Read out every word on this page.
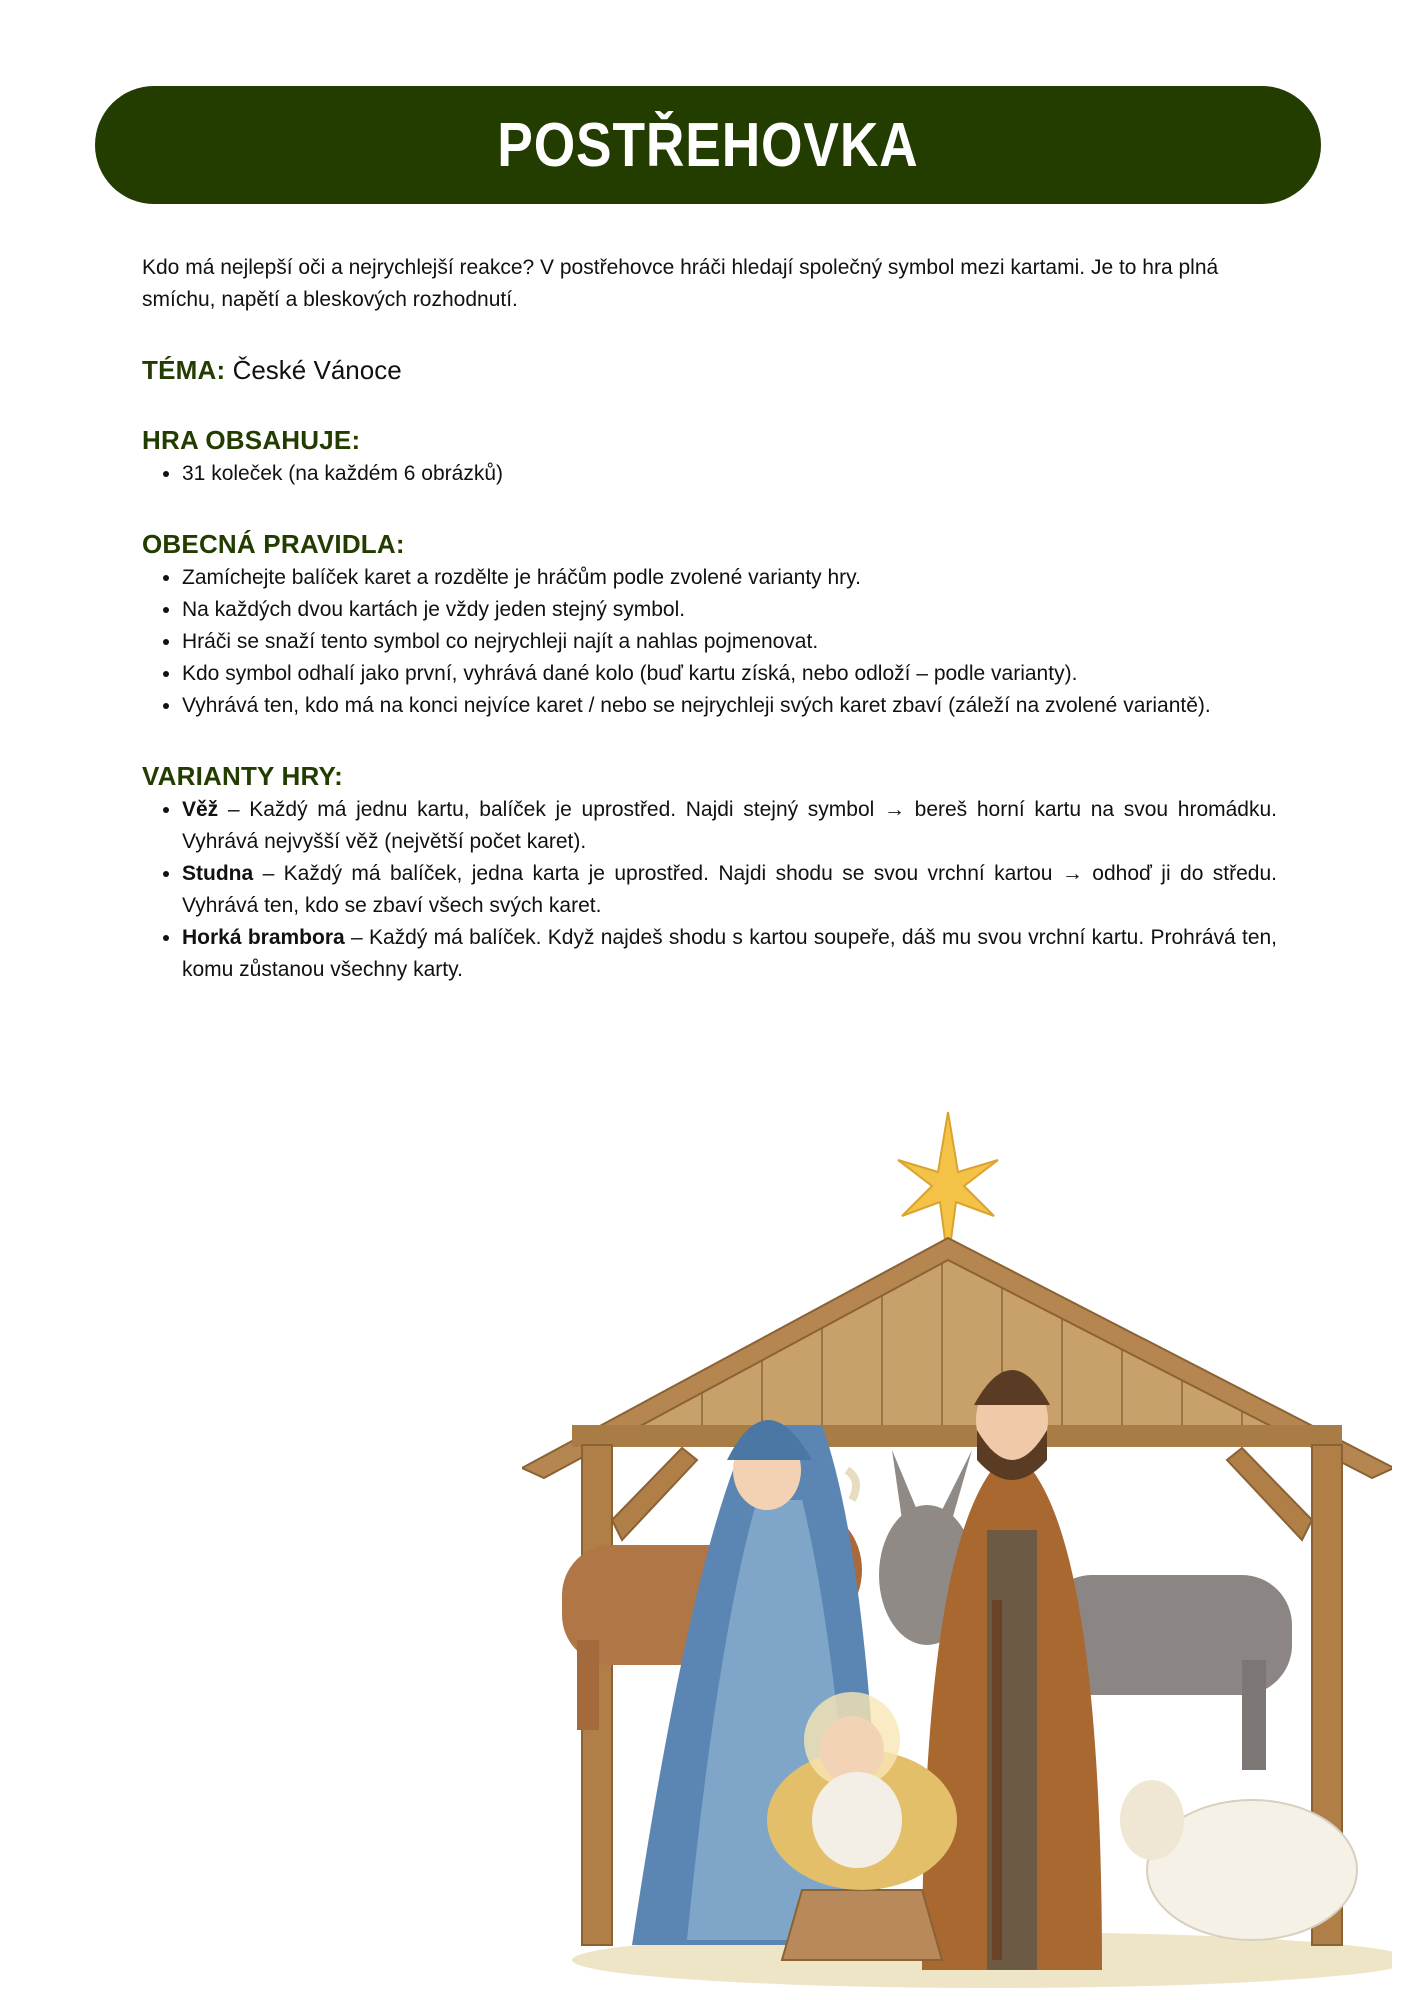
POSTŘEHOVKA

Kdo má nejlepší oči a nejrychlejší reakce? V postřehovce hráči hledají společný symbol mezi kartami. Je to hra plná smíchu, napětí a bleskových rozhodnutí.

TÉMA: České Vánoce
HRA OBSAHUJE:
• 31 koleček (na každém 6 obrázků)
OBECNÁ PRAVIDLA:
• Zamíchejte balíček karet a rozdělte je hráčům podle zvolené varianty hry.
• Na každých dvou kartách je vždy jeden stejný symbol.
• Hráči se snaží tento symbol co nejrychleji najít a nahlas pojmenovat.
• Kdo symbol odhalí jako první, vyhrává dané kolo (buď kartu získá, nebo odloží – podle varianty).
• Vyhrává ten, kdo má na konci nejvíce karet / nebo se nejrychleji svých karet zbaví (záleží na zvolené variantě).
VARIANTY HRY:
• Věž – Každý má jednu kartu, balíček je uprostřed. Najdi stejný symbol → bereš horní kartu na svou hromádku. Vyhrává nejvyšší věž (největší počet karet).
• Studna – Každý má balíček, jedna karta je uprostřed. Najdi shodu se svou vrchní kartou → odhoď ji do středu. Vyhrává ten, kdo se zbaví všech svých karet.
• Horká brambora – Každý má balíček. Když najdeš shodu s kartou soupeře, dáš mu svou vrchní kartu. Prohrává ten, komu zůstanou všechny karty.
